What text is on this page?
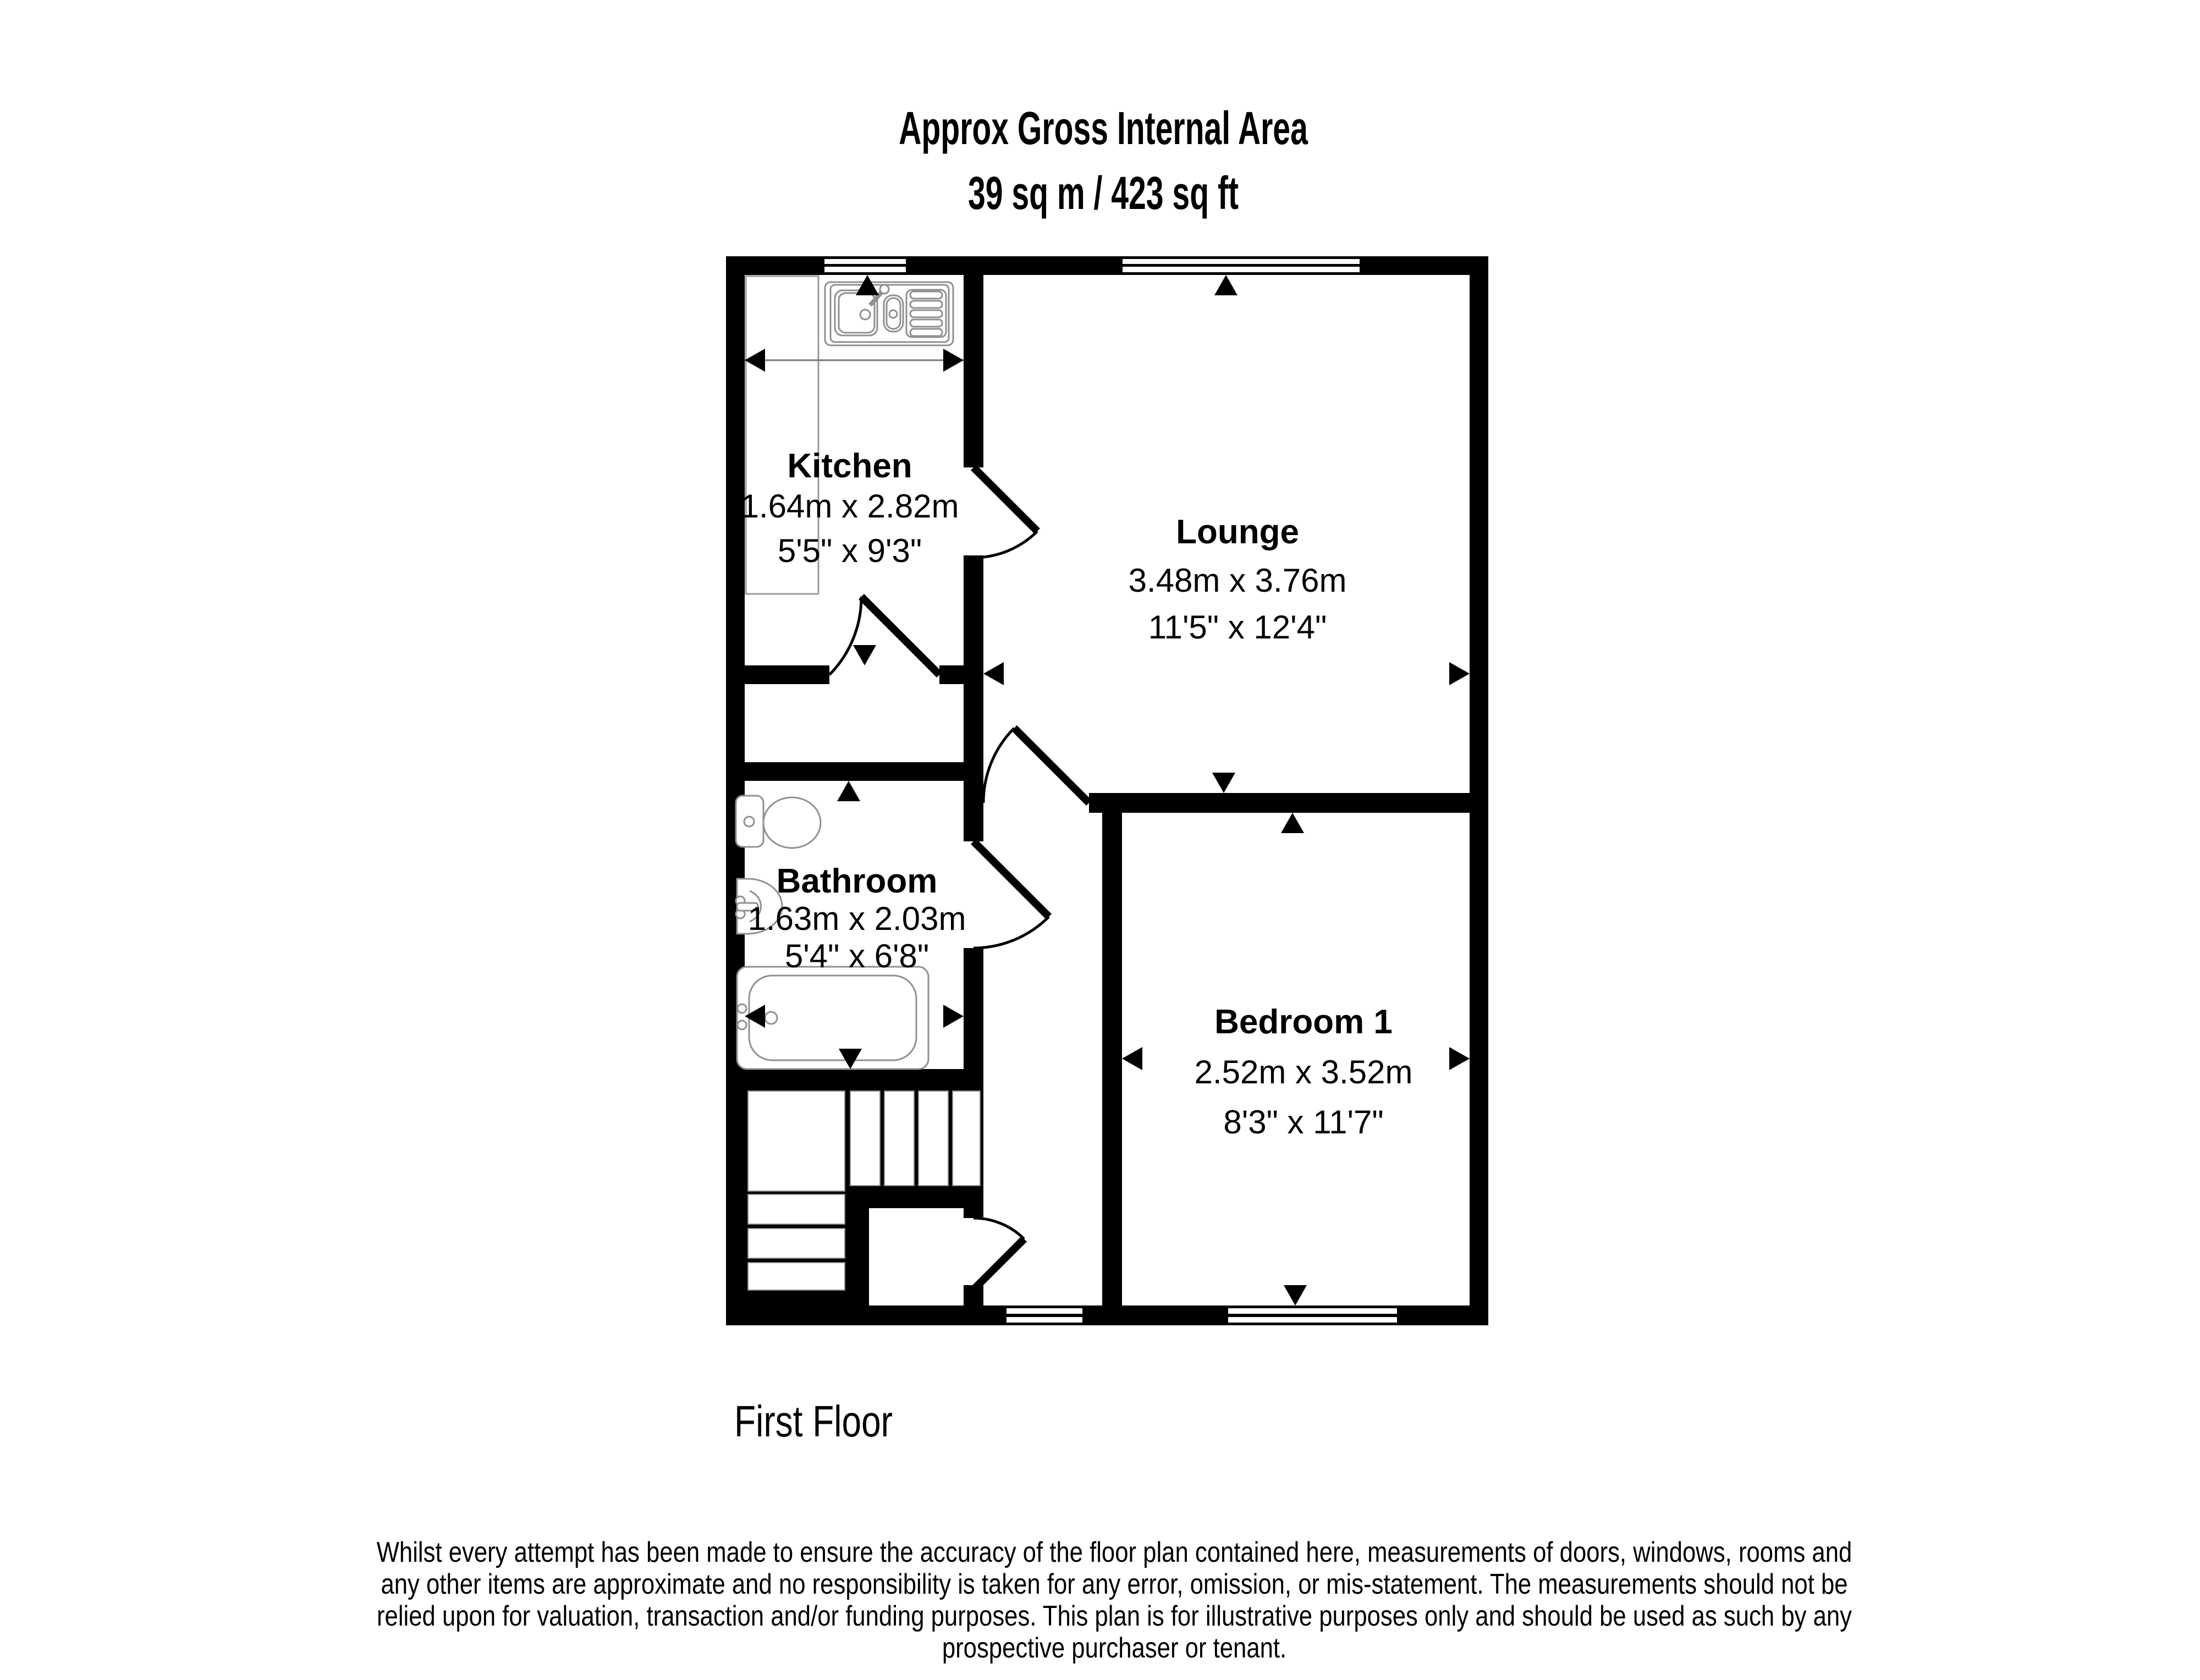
Approx Gross Internal Area
39 sq m / 423 sq ft
Kitchen
1.64m x 2.82m
5'5" x 9'3"	Lounge
3.48m x 3.76m
11'5" x 12'4"
Bathroom
1.63m x 2.03m
5'4" x 6'8"
Bedroom 1
2.52m x 3.52m
8'3" x 11'7"
First Floor
Whilst every attempt has been made to ensure the accuracy of the floor plan contained here, measurements of doors, windows, rooms and
any other items are approximate and no responsibility is taken for any error, omission, or mis-statement. The measurements should not be
relied upon for valuation, transaction and/or funding purposes. This plan is for illustrative purposes only and should be used as such by any
prospective purchaser or tenant.
